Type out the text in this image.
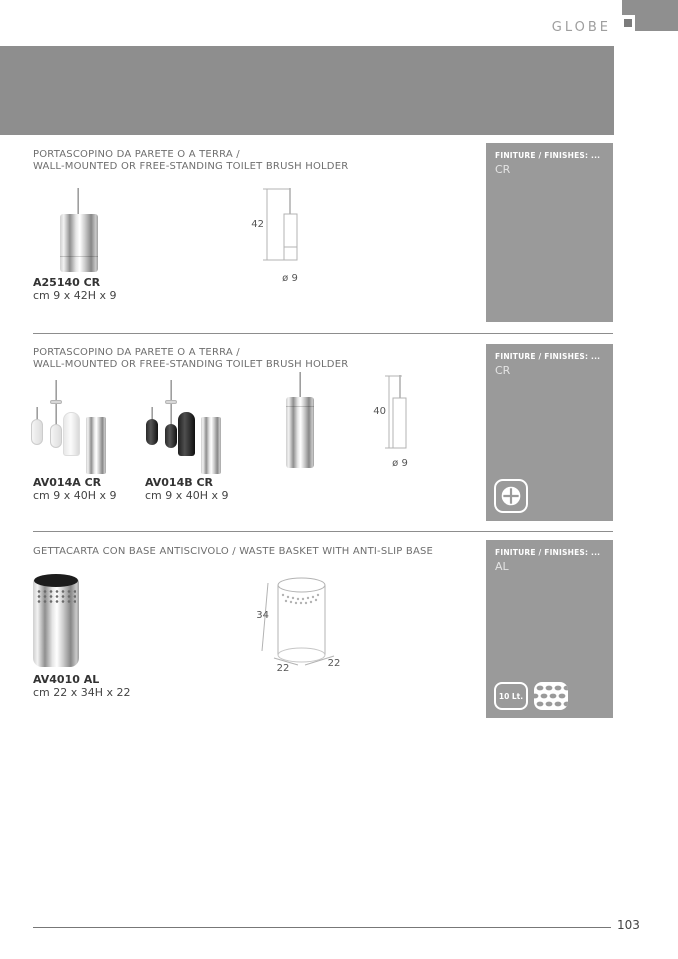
GLOBE
PORTASCOPINO DA PARETE O A TERRA /
WALL-MOUNTED OR FREE-STANDING TOILET BRUSH HOLDER
42
ø 9
A25140 CR
cm 9 x 42H x 9
FINITURE / FINISHES: ...
CR
PORTASCOPINO DA PARETE O A TERRA /
WALL-MOUNTED OR FREE-STANDING TOILET BRUSH HOLDER
40
ø 9
AV014A CR
cm 9 x 40H x 9
AV014B CR
cm 9 x 40H x 9
FINITURE / FINISHES: ...
CR
GETTACARTA CON BASE ANTISCIVOLO / WASTE BASKET WITH ANTI-SLIP BASE
34
22	22
AV4010 AL
cm 22 x 34H x 22
FINITURE / FINISHES: ...
AL
10 Lt.
103
